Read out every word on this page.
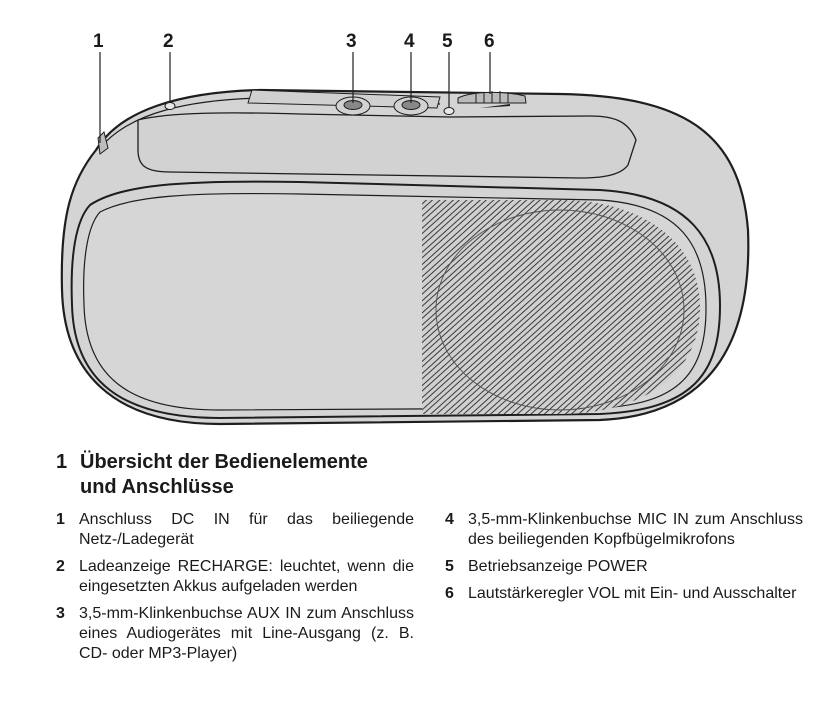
1	2	3 4 5 6
1 Übersicht der Bedienelemente
und Anschlüsse
1 Anschluss DC IN für das beiliegende Netz-/Ladegerät
2 Ladeanzeige RECHARGE: leuchtet, wenn die eingesetzten Akkus aufgeladen werden
3 3,5-mm-Klinkenbuchse AUX IN zum Anschluss eines Audiogerätes mit Line-Ausgang (z. B. CD- oder MP3-Player)
4 3,5-mm-Klinkenbuchse MIC IN zum Anschluss des beiliegenden Kopfbügelmikrofons
5 Betriebsanzeige POWER
6 Lautstärkeregler VOL mit Ein- und Ausschalter
